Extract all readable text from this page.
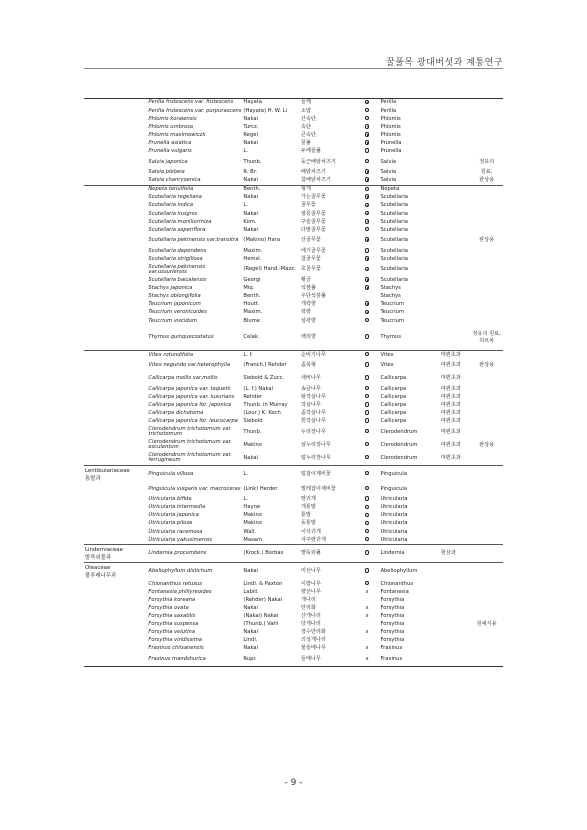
꿀풀목 광대버섯과 계통연구
	Perilla frutescens var. frutescens	Hayata	들깨		Perilla		
	Perilla frutescens var. purpurascens	(Hayata) H. W. Li	소엽		Perilla		
	Phlomis koraiensis	Nakai	산속단		Phlomis		
	Phlomis umbrosa	Turcz.	속단		Phlomis		
	Phlomis maximowiczii	Regel	큰속단		Phlomis		
	Prunella asiatica	Nakai	꿀풀		Prunella		
	Prunella vulgaris	L.	두메꿀풀		Prunella		
	Salvia japonica	Thunb.	둥근배암차즈기		Salvia		정유의
	Salvia plebeia	R. Br.	배암차즈기		Salvia		원료,
	Salvia chanryoenica	Nakai	참배암차즈기		Salvia		관상용
	Nepeta tenuifolia	Benth.	형개		Nepeta		
	Scutellaria regeliana	Nakai	가는골무꽃		Scutellaria		
	Scutellaria indica	L.	골무꽃		Scutellaria		
	Scutellaria insignis	Nakai	광릉골무꽃		Scutellaria		
	Scutellaria moniliorrhiza	Kom.	구슬골무꽃		Scutellaria		
	Scutellaria asperiflora	Nakai	다발골무꽃		Scutellaria		
	Scutellaria pekinensis var.transitra	(Makino) Hara	산골무꽃		Scutellaria		관상용
	Scutellaria dependens	Maxim.	애기골무꽃		Scutellaria		
	Scutellaria strigillosa	Hemsl.	참골무꽃		Scutellaria		
	Scutellaria pekinensis var.ussuriensis	(Regel) Hand.-Mazz.	호골무꽃		Scutellaria		
	Scutellaria baicalensis	Georgi	황금		Scutellaria		
	Stachys japonica	Miq.	석잠풀		Stachys		
	Stachys oblongifolia	Benth.	우단석잠풀		Stachys		
	Teucrium japonicum	Houtt.	개곽향		Teucrium		
	Teucrium veronicoides	Maxim.	곽향		Teucrium		
	Teucrium viscidum	Blume	섬곽향		Teucrium		
	Thymus quinquecostatus	Celak.	백리향		Thymus		정유의 원료, 허브차
	Vitex rotundifolia	L. f.	순비기나무		Vitex	마편초과	
	Vitex negundo var.heterophylla	(Franch.) Rehder	좀목형		Vitex	마편초과	관상용
	Callicarpa mollis var.mollis	Siebold & Zucc.	새비나무		Callicarpa	마편초과	
	Callicarpa japonica var. taquetii	(L. f.) Nakai	송금나무		Callicarpa	마편초과	
	Callicarpa japonica var. luxurians	Rehder	왕작살나무		Callicarpa	마편초과	
	Callicarpa japonica for. japonica	Thunb. in Murray	작살나무		Callicarpa	마편초과	
	Callicarpa dichotoma	(Lour.) K. Koch	좀작살나무		Callicarpa	마편초과	
	Callicarpa japonica for. leucocarpa	Siebold	흰작살나무		Callicarpa	마편초과	
	Clerodendrum trichotomum var. trichotomum	Thunb.	누리장나무		Clerodendrum	마편초과	
	Clerodendrum trichotomum var. esculentum	Makino	섬누리장나무		Clerodendrum	마편초과	관상용
	Clerodendrum trichotomum var. ferrugineum	Nakai	털누리장나무		Clerodendrum	마편초과	

Lentibulariaceae
통발과	Pinguicula villosa	L.	털잡이제비꽃		Pinguicula		
	Pinguicula vulgaris var. macroceras	(Link) Herder	벌레잡이제비꽃		Pinguicula		
	Utricularia bifida	L.	땅귀개		Utricularia		
	Utricularia intermedia	Hayne	개통발		Utricularia		
	Utricularia japonica	Makino	통발		Utricularia		
	Utricularia pilosa	Makino	동통발		Utricularia		
	Utricularia racemosa	Wall.	이삭귀개		Utricularia		
	Utricularia yakusimensis	Masam.	자주땅귀개		Utricularia		

Linderniaceae
밭뚝외풀과	Lindernia procumbens	(Krock.) Borbas	밭뚝외풀		Lindernia	현삼과	

Oleaceae
물푸레나무과	Abeliophyllum distichum	Nakai	미선나무		Abeliophyllum		
	Chionanthus retusus	Lindl. & Paxton	이팝나무		Chionanthus		
	Fontanesia phillyreoides	Labill.	향선나무	x	Fontanesia		
	Forsythia koreana	(Rehder) Nakai	개나리		Forsythia		
	Forsythia ovata	Nakai	만리화	x	Forsythia		
	Forsythia saxatilis	(Nakai) Nakai	산개나리	x	Forsythia		
	Forsythia suspensa	(Thunb.) Vahl	당개나리		Forsythia		원예식용
	Forsythia velutina	Nakai	장수만리화	x	Forsythia		
	Forsythia viridissima	Lindl.	의성개나리		Forsythia		
	Fraxinus chiisanensis	Nakai	물들메나무	x	Fraxinus		
	Fraxinus mandshurica	Rupr.	들메나무	x	Fraxinus		
- 9 -
